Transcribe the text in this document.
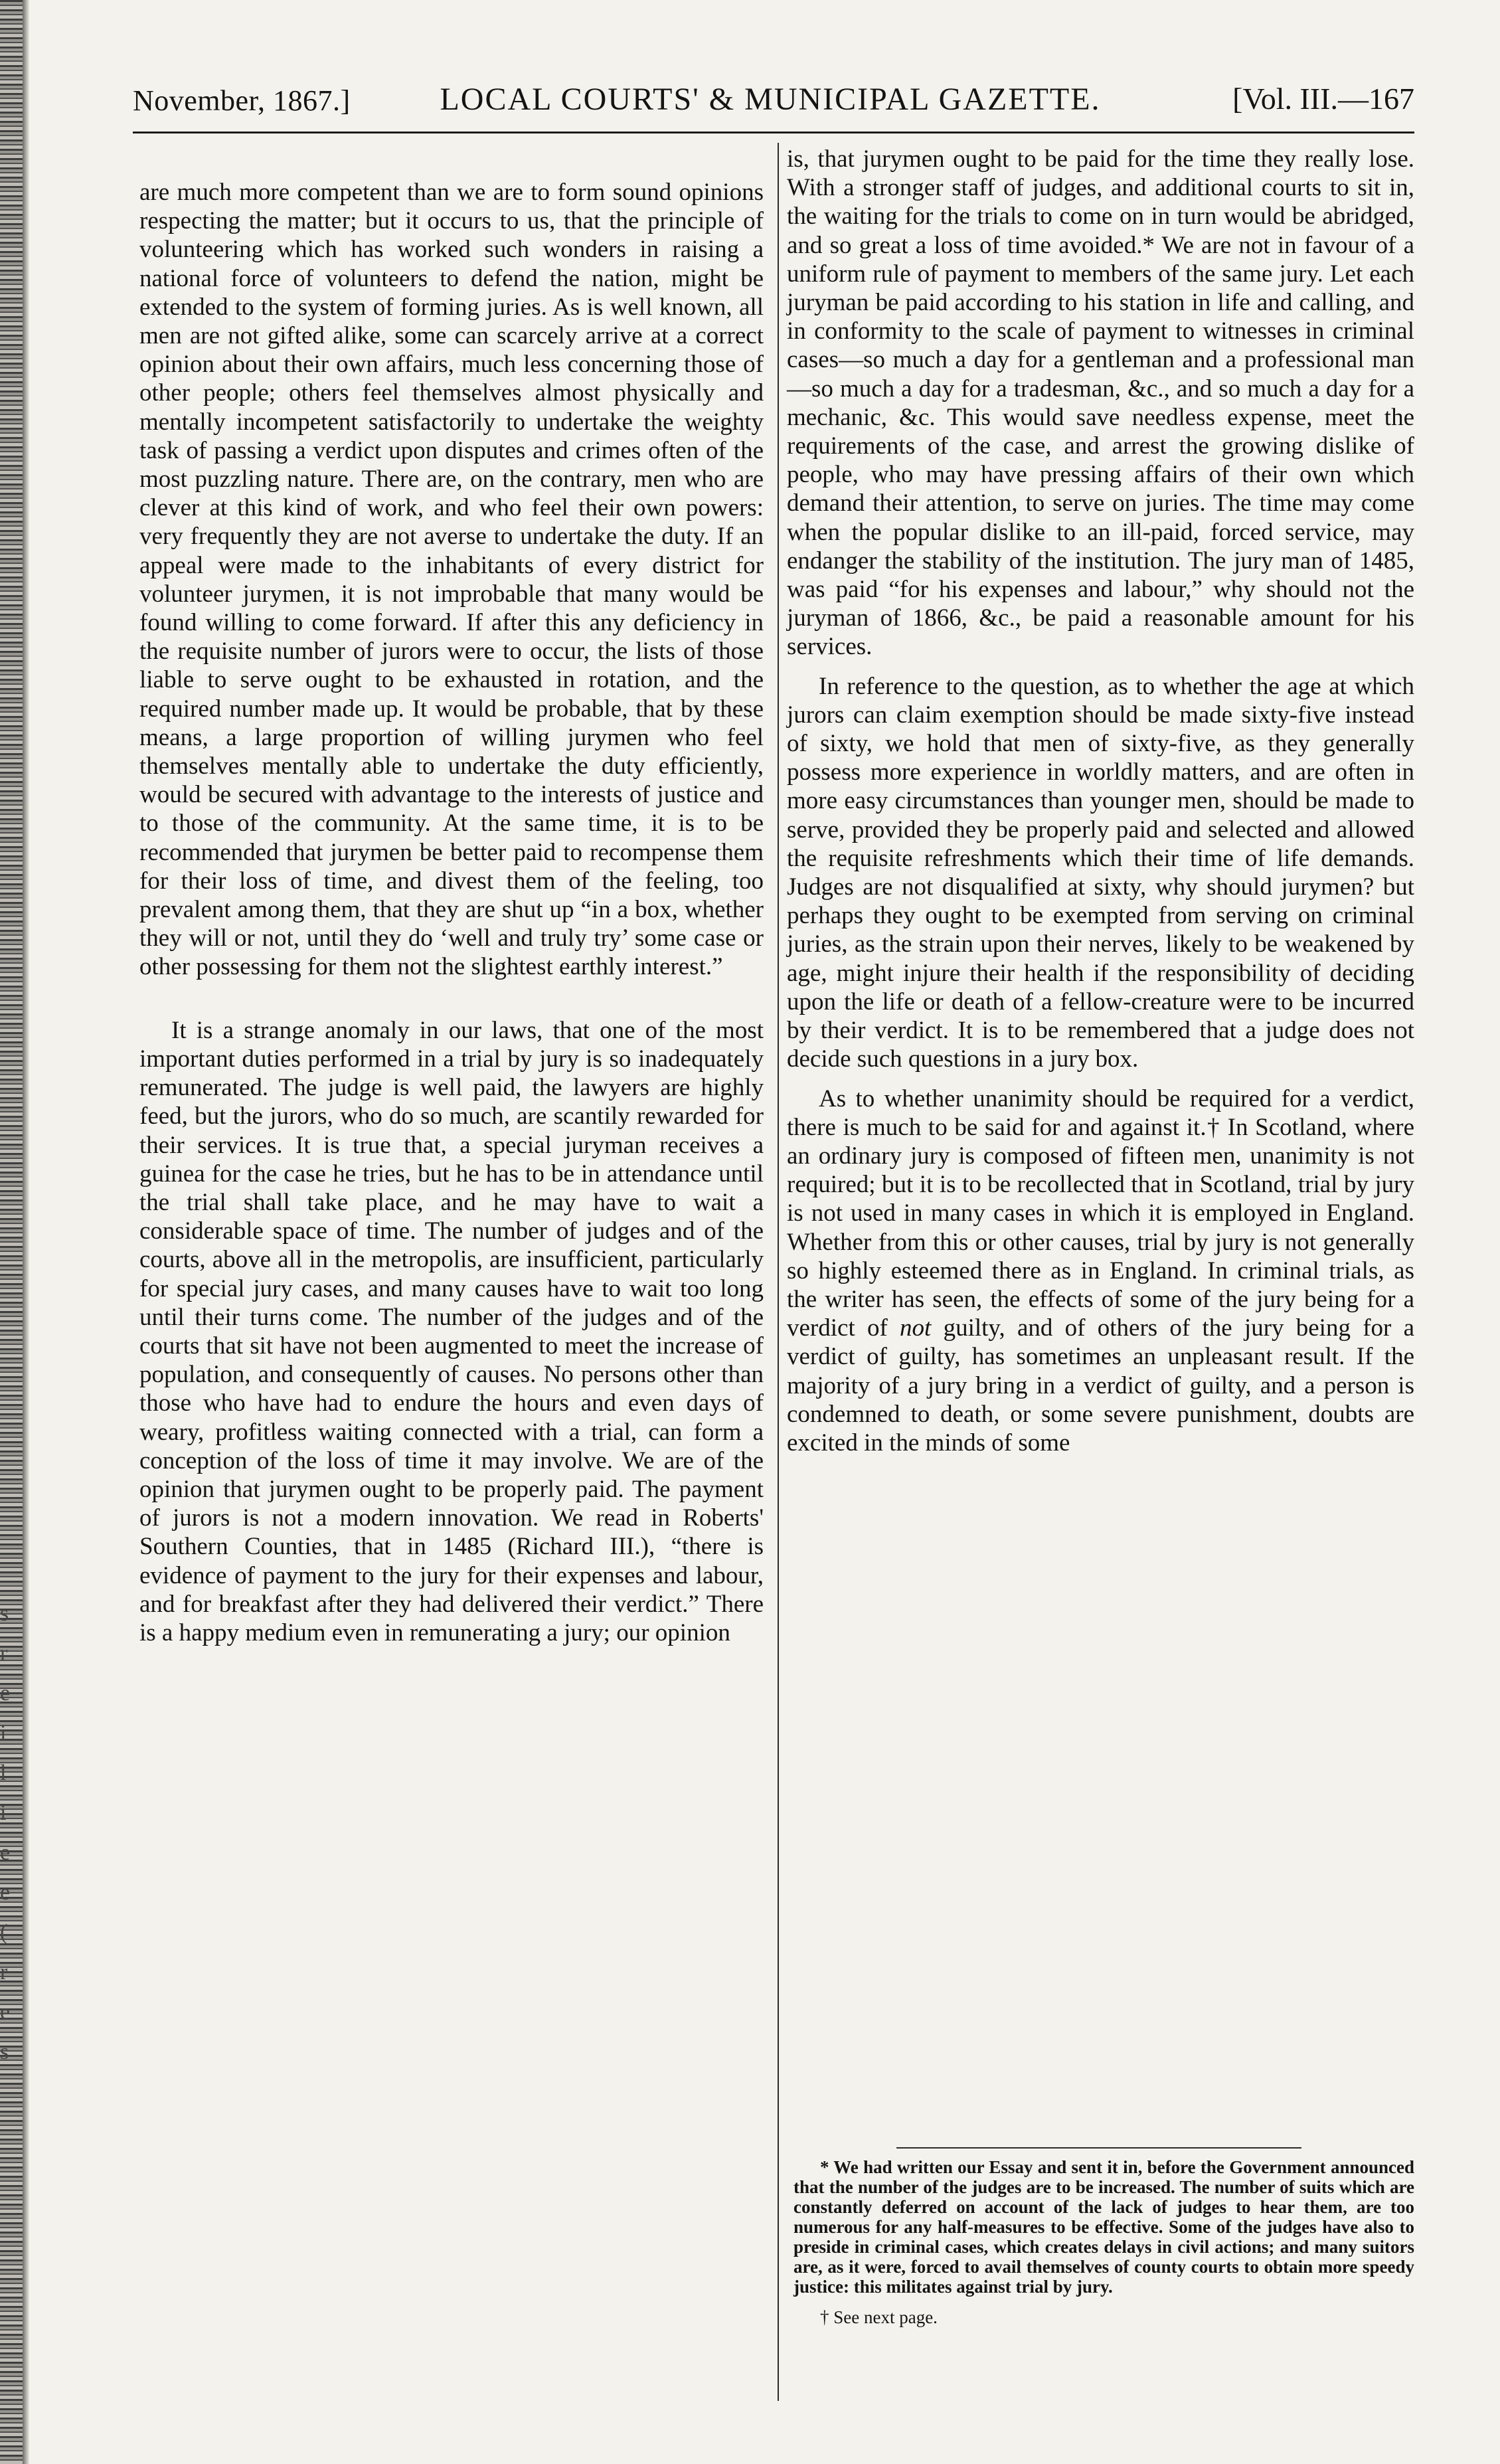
s
r
e
i
l
i
e
e
(
r
e
s
November, 1867.]	LOCAL COURTS' & MUNICIPAL GAZETTE.	[Vol. III.—167

are much more competent than we are to form sound opinions respecting the matter; but it occurs to us, that the principle of volunteering which has worked such wonders in raising a national force of volunteers to defend the nation, might be extended to the system of forming juries. As is well known, all men are not gifted alike, some can scarcely arrive at a correct opinion about their own affairs, much less concerning those of other people; others feel themselves almost physically and mentally incompetent satisfactorily to undertake the weighty task of passing a verdict upon disputes and crimes often of the most puzzling nature. There are, on the contrary, men who are clever at this kind of work, and who feel their own powers: very frequently they are not averse to undertake the duty. If an appeal were made to the inhabitants of every district for volunteer jurymen, it is not improbable that many would be found willing to come forward. If after this any deficiency in the requisite number of jurors were to occur, the lists of those liable to serve ought to be exhausted in rotation, and the required number made up. It would be probable, that by these means, a large proportion of willing jurymen who feel themselves mentally able to undertake the duty efficiently, would be secured with advantage to the interests of justice and to those of the community. At the same time, it is to be recommended that jurymen be better paid to recompense them for their loss of time, and divest them of the feeling, too prevalent among them, that they are shut up “in a box, whether they will or not, until they do ‘well and truly try’ some case or other possessing for them not the slightest earthly interest.”

It is a strange anomaly in our laws, that one of the most important duties performed in a trial by jury is so inadequately remunerated. The judge is well paid, the lawyers are highly feed, but the jurors, who do so much, are scantily rewarded for their services. It is true that, a special juryman receives a guinea for the case he tries, but he has to be in attendance until the trial shall take place, and he may have to wait a considerable space of time. The number of judges and of the courts, above all in the metropolis, are insufficient, particularly for special jury cases, and many causes have to wait too long until their turns come. The number of the judges and of the courts that sit have not been augmented to meet the increase of population, and consequently of causes. No persons other than those who have had to endure the hours and even days of weary, profitless waiting connected with a trial, can form a conception of the loss of time it may involve. We are of the opinion that jurymen ought to be properly paid. The payment of jurors is not a modern innovation. We read in Roberts' Southern Counties, that in 1485 (Richard III.), “there is evidence of payment to the jury for their expenses and labour, and for breakfast after they had delivered their verdict.” There is a happy medium even in remunerating a jury; our opinion

is, that jurymen ought to be paid for the time they really lose. With a stronger staff of judges, and additional courts to sit in, the waiting for the trials to come on in turn would be abridged, and so great a loss of time avoided.* We are not in favour of a uniform rule of payment to members of the same jury. Let each juryman be paid according to his station in life and calling, and in conformity to the scale of payment to witnesses in criminal cases—so much a day for a gentleman and a professional man—so much a day for a tradesman, &c., and so much a day for a mechanic, &c. This would save needless expense, meet the requirements of the case, and arrest the growing dislike of people, who may have pressing affairs of their own which demand their attention, to serve on juries. The time may come when the popular dislike to an ill-paid, forced service, may endanger the stability of the institution. The jury man of 1485, was paid “for his expenses and labour,” why should not the juryman of 1866, &c., be paid a reasonable amount for his services.

In reference to the question, as to whether the age at which jurors can claim exemption should be made sixty-five instead of sixty, we hold that men of sixty-five, as they generally possess more experience in worldly matters, and are often in more easy circumstances than younger men, should be made to serve, provided they be properly paid and selected and allowed the requisite refreshments which their time of life demands. Judges are not disqualified at sixty, why should jurymen? but perhaps they ought to be exempted from serving on criminal juries, as the strain upon their nerves, likely to be weakened by age, might injure their health if the responsibility of deciding upon the life or death of a fellow-creature were to be incurred by their verdict. It is to be remembered that a judge does not decide such questions in a jury box.

As to whether unanimity should be required for a verdict, there is much to be said for and against it.† In Scotland, where an ordinary jury is composed of fifteen men, unanimity is not required; but it is to be recollected that in Scotland, trial by jury is not used in many cases in which it is employed in England. Whether from this or other causes, trial by jury is not generally so highly esteemed there as in England. In criminal trials, as the writer has seen, the effects of some of the jury being for a verdict of not guilty, and of others of the jury being for a verdict of guilty, has sometimes an unpleasant result. If the majority of a jury bring in a verdict of guilty, and a person is condemned to death, or some severe punishment, doubts are excited in the minds of some

* We had written our Essay and sent it in, before the Government announced that the number of the judges are to be increased. The number of suits which are constantly deferred on account of the lack of judges to hear them, are too numerous for any half-measures to be effective. Some of the judges have also to preside in criminal cases, which creates delays in civil actions; and many suitors are, as it were, forced to avail themselves of county courts to obtain more speedy justice: this militates against trial by jury.

† See next page.
